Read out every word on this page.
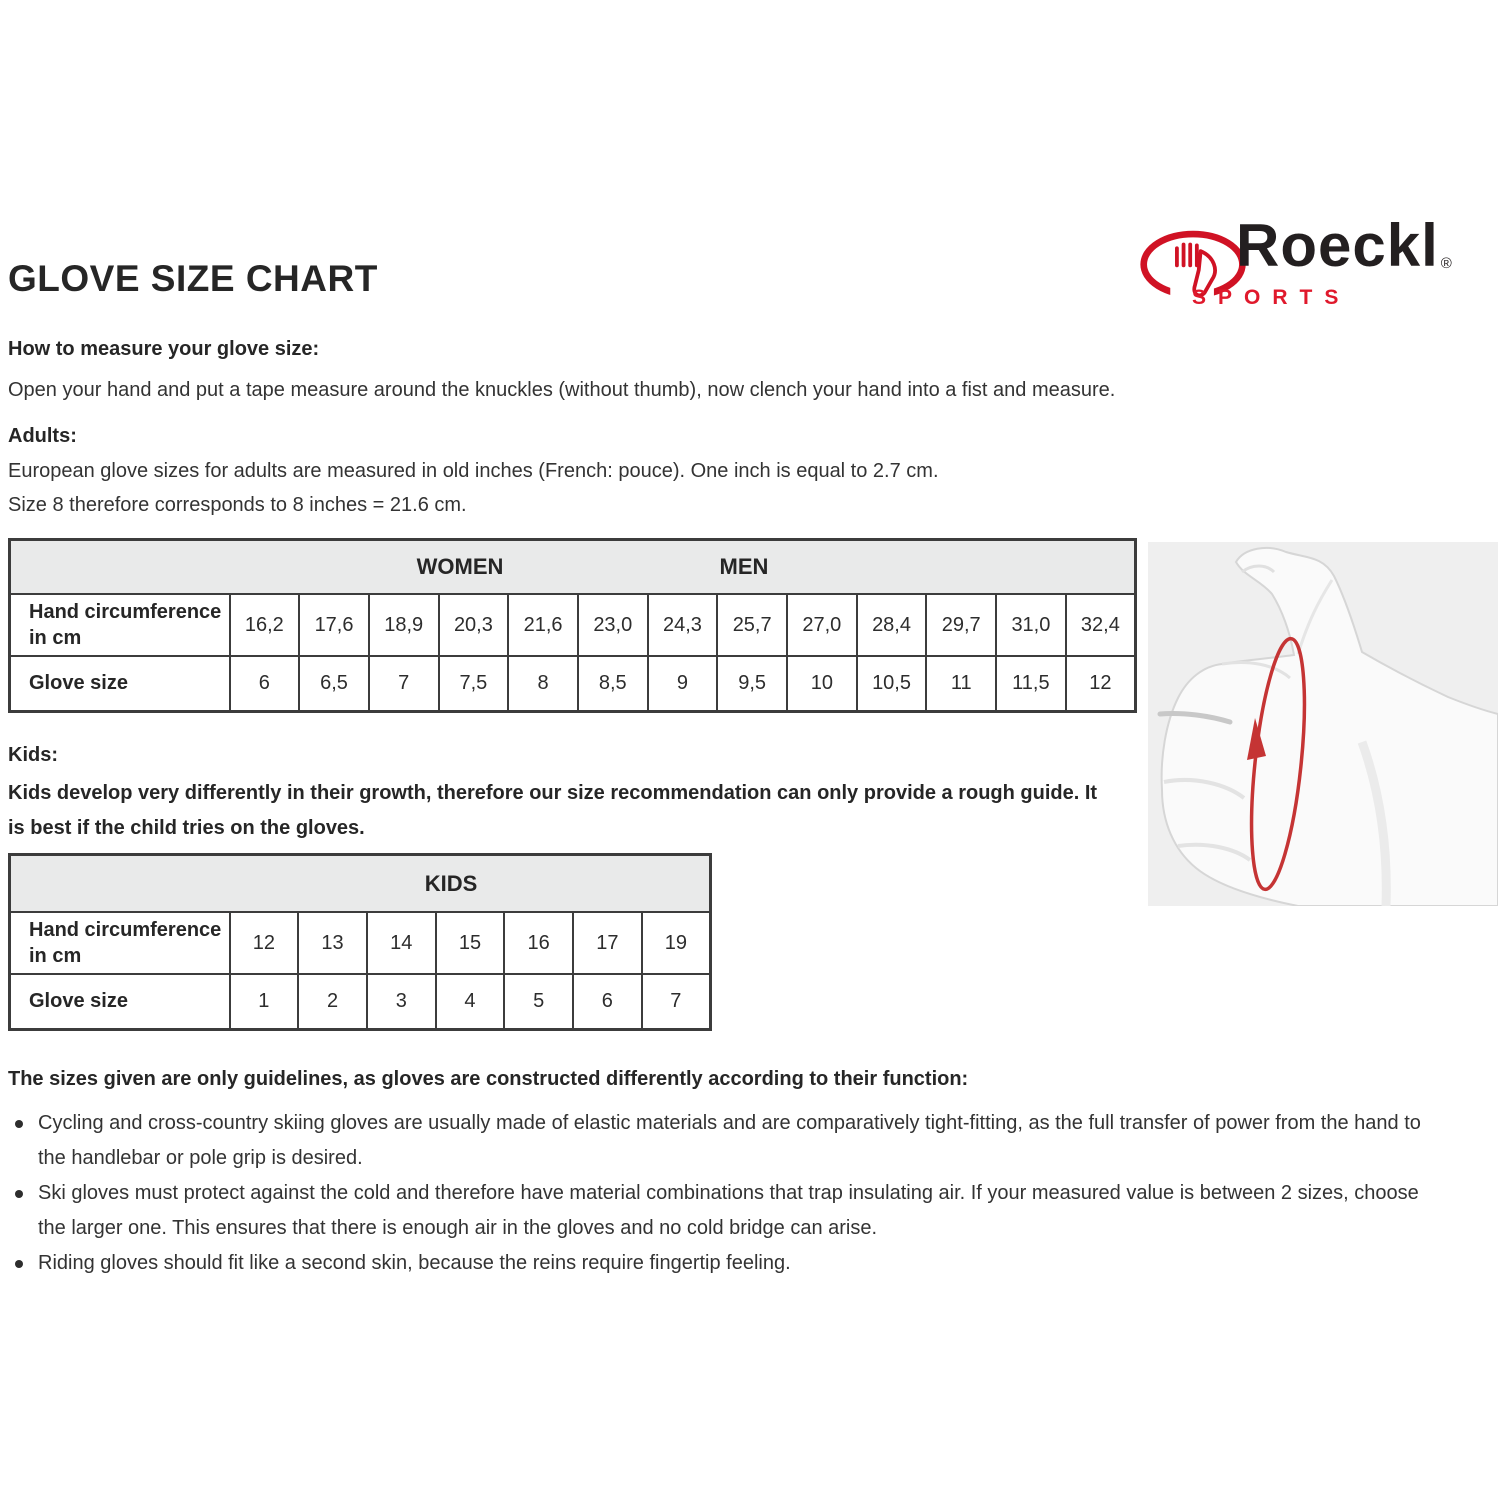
GLOVE SIZE CHART	Roeckl ®
SPORTS
How to measure your glove size:
Open your hand and put a tape measure around the knuckles (without thumb), now clench your hand into a fist and measure.
Adults:
European glove sizes for adults are measured in old inches (French: pouce). One inch is equal to 2.7 cm.
Size 8 therefore corresponds to 8 inches = 21.6 cm.
WOMEN MEN													

Hand circumference in cm	16,2	17,6	18,9	20,3	21,6	23,0	24,3	25,7	27,0	28,4	29,7	31,0	32,4
Glove size	6	6,5	7	7,5	8	8,5	9	9,5	10	10,5	11	11,5	12
Kids:
Kids develop very differently in their growth, therefore our size recommendation can only provide a rough guide. It is best if the child tries on the gloves.
KIDS							

Hand circumference in cm	12	13	14	15	16	17	19
Glove size	1	2	3	4	5	6	7
The sizes given are only guidelines, as gloves are constructed differently according to their function:
Cycling and cross-country skiing gloves are usually made of elastic materials and are comparatively tight-fitting, as the full transfer of power from the hand to the handlebar or pole grip is desired.
Ski gloves must protect against the cold and therefore have material combinations that trap insulating air. If your measured value is between 2 sizes, choose the larger one. This ensures that there is enough air in the gloves and no cold bridge can arise.
Riding gloves should fit like a second skin, because the reins require fingertip feeling.
